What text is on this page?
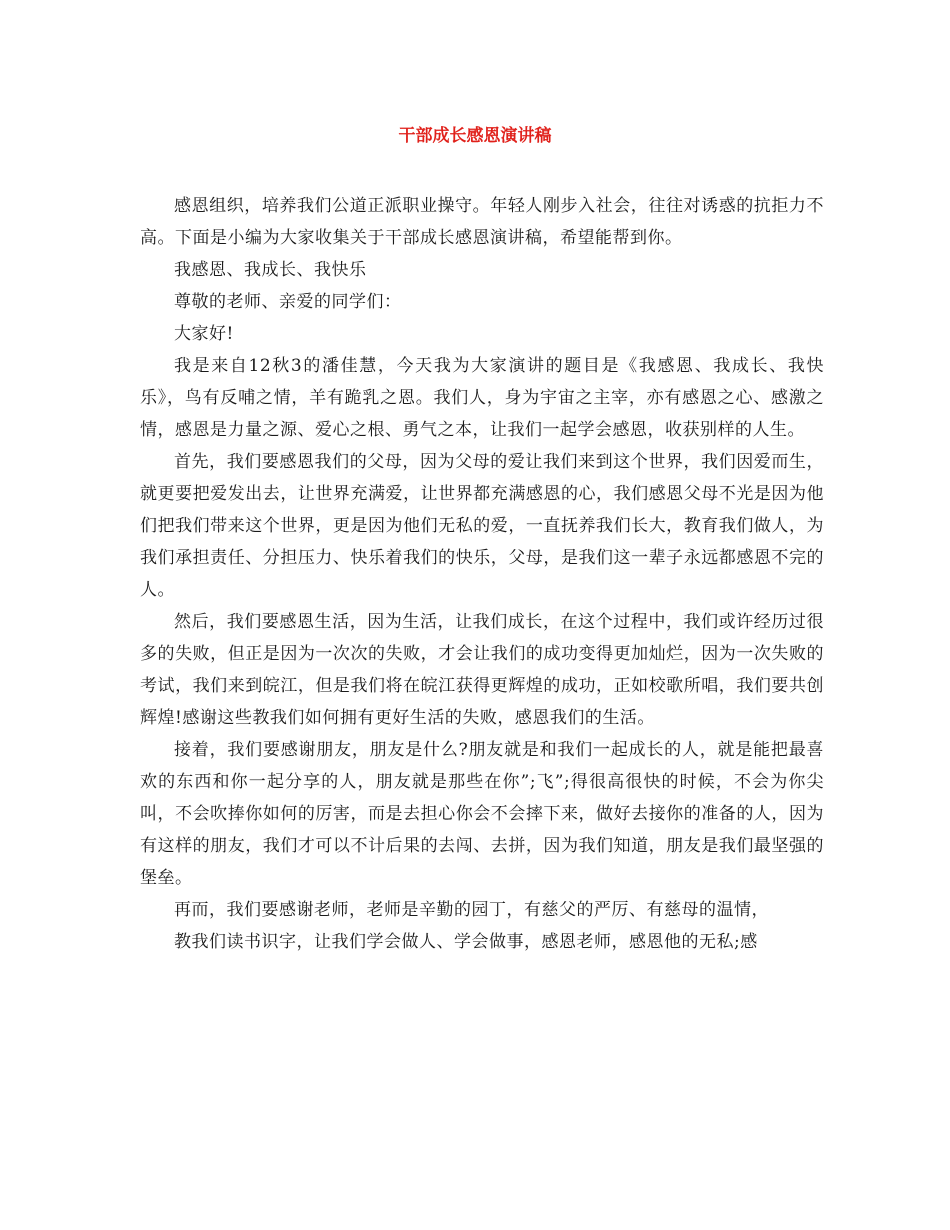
干部成长感恩演讲稿

感恩组织，培养我们公道正派职业操守。年轻人刚步入社会，往往对诱惑的抗拒力不高。下面是小编为大家收集关于干部成长感恩演讲稿，希望能帮到你。

我感恩、我成长、我快乐

尊敬的老师、亲爱的同学们：

大家好!

我是来自12秋3的潘佳慧，今天我为大家演讲的题目是《我感恩、我成长、我快乐》，鸟有反哺之情，羊有跪乳之恩。我们人，身为宇宙之主宰，亦有感恩之心、感激之情，感恩是力量之源、爱心之根、勇气之本，让我们一起学会感恩，收获别样的人生。

首先，我们要感恩我们的父母，因为父母的爱让我们来到这个世界，我们因爱而生，就更要把爱发出去，让世界充满爱，让世界都充满感恩的心，我们感恩父母不光是因为他们把我们带来这个世界，更是因为他们无私的爱，一直抚养我们长大，教育我们做人，为我们承担责任、分担压力、快乐着我们的快乐，父母，是我们这一辈子永远都感恩不完的人。

然后，我们要感恩生活，因为生活，让我们成长，在这个过程中，我们或许经历过很多的失败，但正是因为一次次的失败，才会让我们的成功变得更加灿烂，因为一次失败的考试，我们来到皖江，但是我们将在皖江获得更辉煌的成功，正如校歌所唱，我们要共创辉煌!感谢这些教我们如何拥有更好生活的失败，感恩我们的生活。

接着，我们要感谢朋友，朋友是什么?朋友就是和我们一起成长的人，就是能把最喜欢的东西和你一起分享的人，朋友就是那些在你”;飞”;得很高很快的时候，不会为你尖叫，不会吹捧你如何的厉害，而是去担心你会不会摔下来，做好去接你的准备的人，因为有这样的朋友，我们才可以不计后果的去闯、去拼，因为我们知道，朋友是我们最坚强的堡垒。

再而，我们要感谢老师，老师是辛勤的园丁，有慈父的严厉、有慈母的温情，

教我们读书识字，让我们学会做人、学会做事，感恩老师，感恩他的无私;感
